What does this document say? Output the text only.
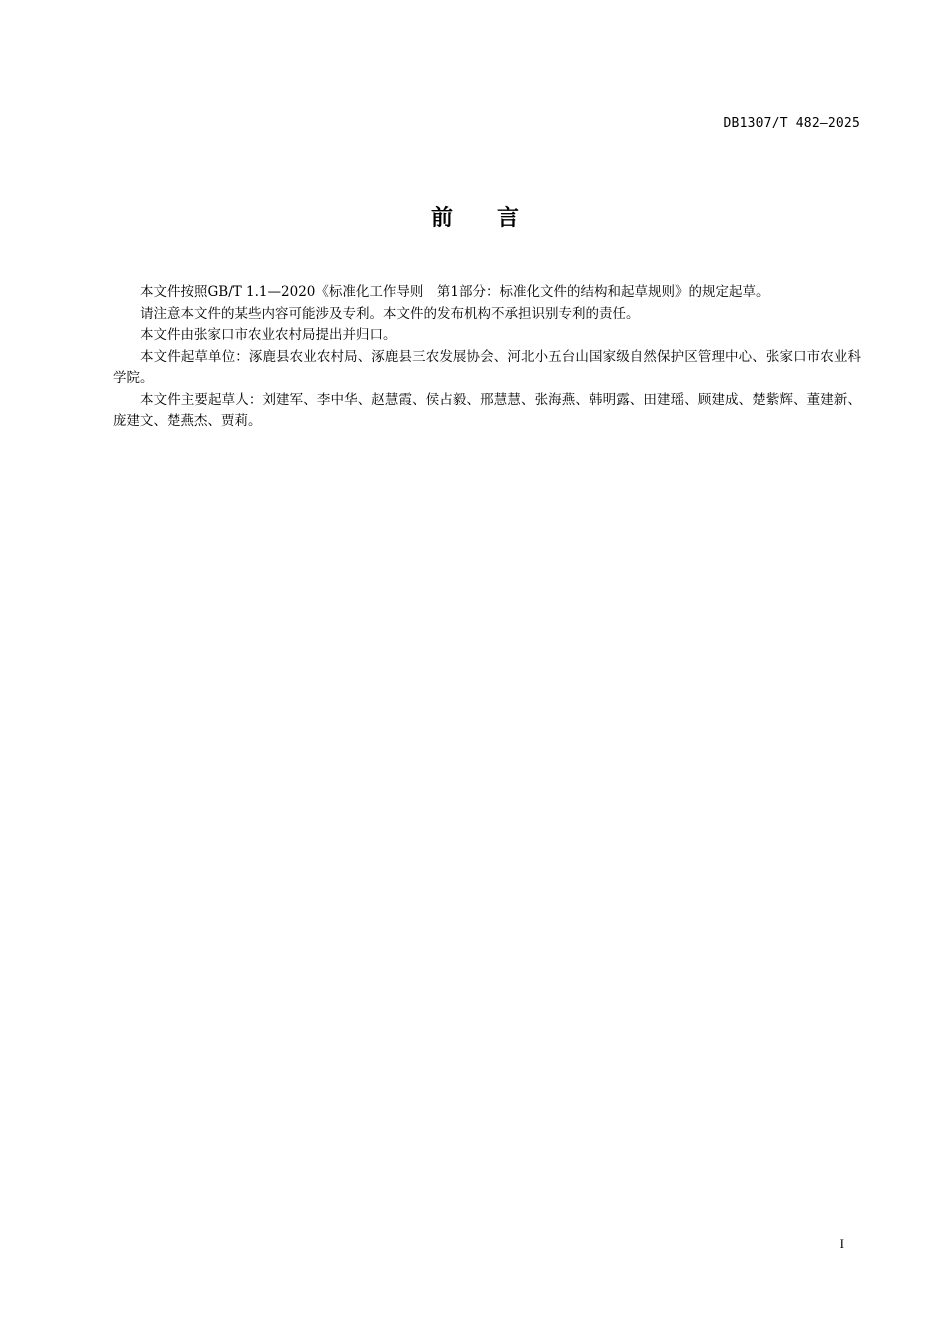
DB1307/T 482—2025
前　　言

本文件按照GB/T 1.1—2020《标准化工作导则　第1部分：标准化文件的结构和起草规则》的规定起草。

请注意本文件的某些内容可能涉及专利。本文件的发布机构不承担识别专利的责任。

本文件由张家口市农业农村局提出并归口。

本文件起草单位：涿鹿县农业农村局、涿鹿县三农发展协会、河北小五台山国家级自然保护区管理中心、张家口市农业科学院。

本文件主要起草人：刘建军、李中华、赵慧霞、侯占毅、邢慧慧、张海燕、韩明露、田建瑶、顾建成、楚紫辉、董建新、庞建文、楚燕杰、贾莉。

I
